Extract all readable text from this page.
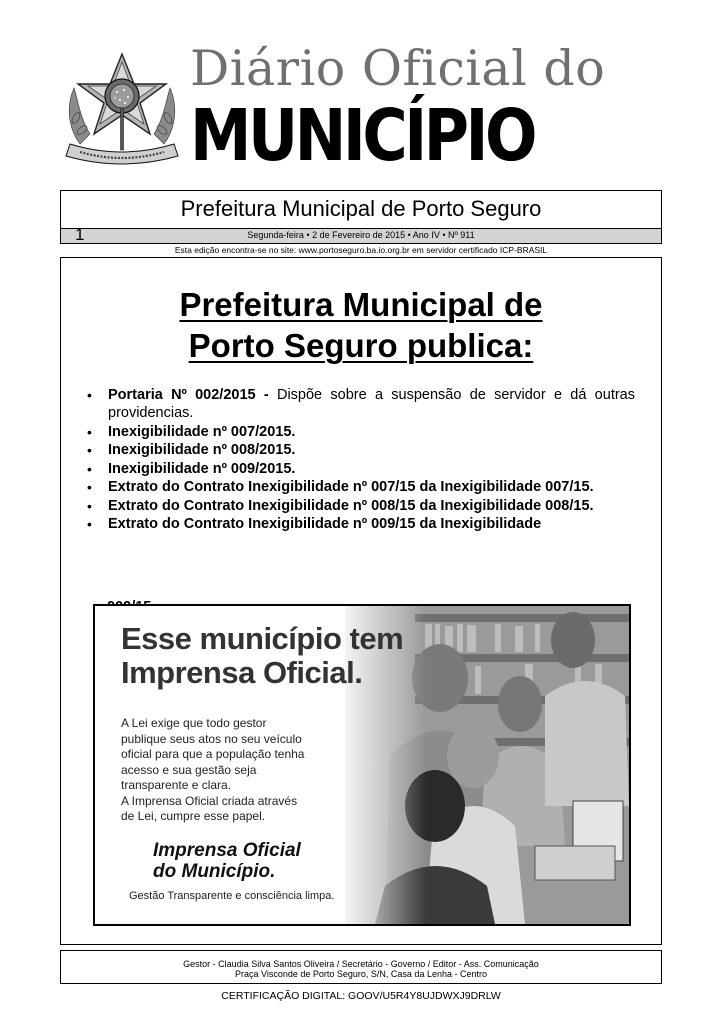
Diário Oficial do
MUNICÍPIO
Prefeitura Municipal de Porto Seguro
1	Segunda-feira • 2 de Fevereiro de 2015 • Ano IV • Nº 911
Esta edição encontra-se no site: www.portoseguro.ba.io.org.br em servidor certificado ICP-BRASIL
Prefeitura Municipal de
Porto Seguro publica:
• Portaria Nº 002/2015 - Dispõe sobre a suspensão de servidor e dá outras providencias.
• Inexigibilidade nº 007/2015.
• Inexigibilidade nº 008/2015.
• Inexigibilidade nº 009/2015.
• Extrato do Contrato Inexigibilidade nº 007/15 da Inexigibilidade 007/15.
• Extrato do Contrato Inexigibilidade nº 008/15 da Inexigibilidade 008/15.
• Extrato do Contrato Inexigibilidade nº 009/15 da Inexigibilidade
Esse município tem
Imprensa Oficial.
A Lei exige que todo gestor
publique seus atos no seu veículo
oficial para que a população tenha
acesso e sua gestão seja
transparente e clara.
A Imprensa Oficial criada através
de Lei, cumpre esse papel.
Imprensa Oficial
do Município.
Gestão Transparente e consciência limpa.
Gestor - Claudia Silva Santos Oliveira / Secretário - Governo / Editor - Ass. Comunicação
Praça Visconde de Porto Seguro, S/N, Casa da Lenha - Centro
CERTIFICAÇÃO DIGITAL: GOOV/U5R4Y8UJDWXJ9DRLW
